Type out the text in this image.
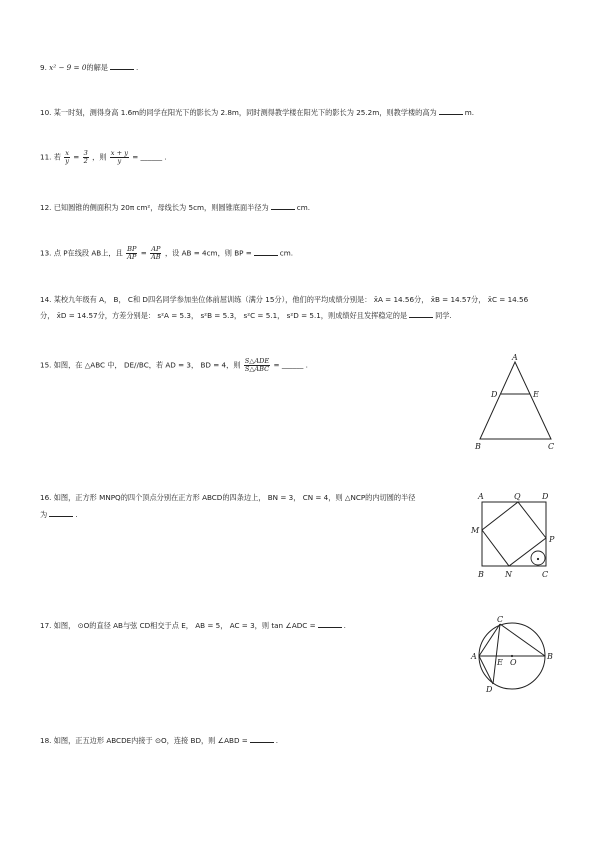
9. x² − 9 = 0的解是	.
10. 某一时刻，测得身高 1.6m的同学在阳光下的影长为 2.8m，同时测得教学楼在阳光下的影长为 25.2m，则教学楼的高为	m.
11. 若 $\frac{x}{y} = \frac{3}{2}$ ，则 $\frac{x + y}{y}$ = ______ .
12. 已知圆锥的侧面积为 20π cm²，母线长为 5cm，则圆锥底面半径为	cm.
13. 点 P在线段 AB上，且 $\frac{BP}{AP} = \frac{AP}{AB}$ ，设 AB = 4cm，则 BP =	cm.
14. 某校九年级有 A， B， C和 D四名同学参加坐位体前屈训练（满分 15分），他们的平均成绩分别是： x̄A = 14.56分， x̄B = 14.57分， x̄C = 14.56
分， x̄D = 14.57分，方差分别是： s²A = 5.3， s²B = 5.3， s²C = 5.1， s²D = 5.1，则成绩好且发挥稳定的是	同学.
15. 如图，在 △ABC 中， DE//BC，若 AD = 3， BD = 4，则 $\frac{\text{S△ADE}}{\text{S△ABC}}$ = ______ .
A
D	E
B	C
16. 如图，正方形 MNPQ的四个顶点分别在正方形 ABCD的四条边上， BN = 3， CN = 4，则 △NCP的内切圆的半径
为	.
A	Q	D
M
P
B	N	C
17. 如图， ⊙O的直径 AB与弦 CD相交于点 E， AB = 5， AC = 3，则 tan ∠ADC =	.
C
A
E O
B
D
18. 如图，正五边形 ABCDE内接于 ⊙O，连接 BD，则 ∠ABD =	.
